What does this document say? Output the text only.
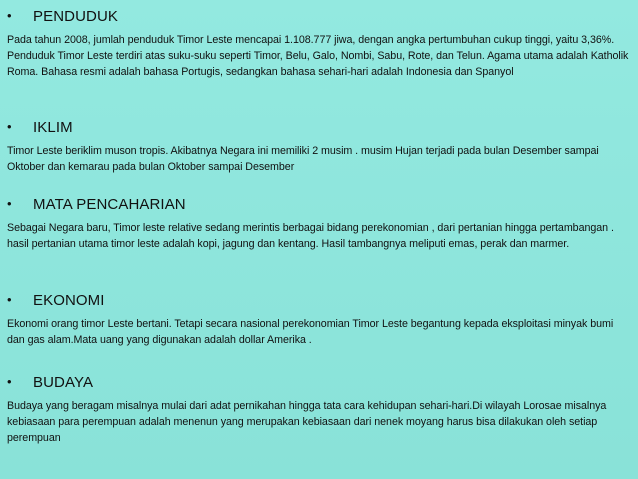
•	PENDUDUK
Pada tahun 2008, jumlah penduduk Timor Leste mencapai 1.108.777 jiwa, dengan angka pertumbuhan cukup tinggi, yaitu 3,36%. Penduduk Timor Leste terdiri atas suku-suku seperti Timor, Belu, Galo, Nombi, Sabu, Rote, dan Telun. Agama utama adalah Katholik Roma. Bahasa resmi adalah bahasa Portugis, sedangkan bahasa sehari-hari adalah Indonesia dan Spanyol
•	IKLIM
Timor Leste beriklim muson tropis. Akibatnya Negara ini memiliki 2 musim . musim Hujan terjadi pada bulan Desember sampai Oktober dan kemarau pada bulan Oktober sampai Desember
•	MATA PENCAHARIAN
Sebagai Negara baru, Timor leste relative sedang merintis berbagai bidang perekonomian , dari pertanian hingga pertambangan . hasil pertanian utama timor leste adalah kopi, jagung dan kentang. Hasil tambangnya meliputi emas, perak dan marmer.
•	EKONOMI
Ekonomi orang timor Leste bertani. Tetapi secara nasional perekonomian Timor Leste begantung kepada eksploitasi minyak bumi dan gas alam.Mata uang yang digunakan adalah dollar Amerika .
•	BUDAYA
Budaya yang beragam misalnya mulai dari adat pernikahan hingga tata cara kehidupan sehari-hari.Di wilayah Lorosae misalnya kebiasaan para perempuan adalah menenun yang merupakan kebiasaan dari nenek moyang harus bisa dilakukan oleh setiap perempuan
